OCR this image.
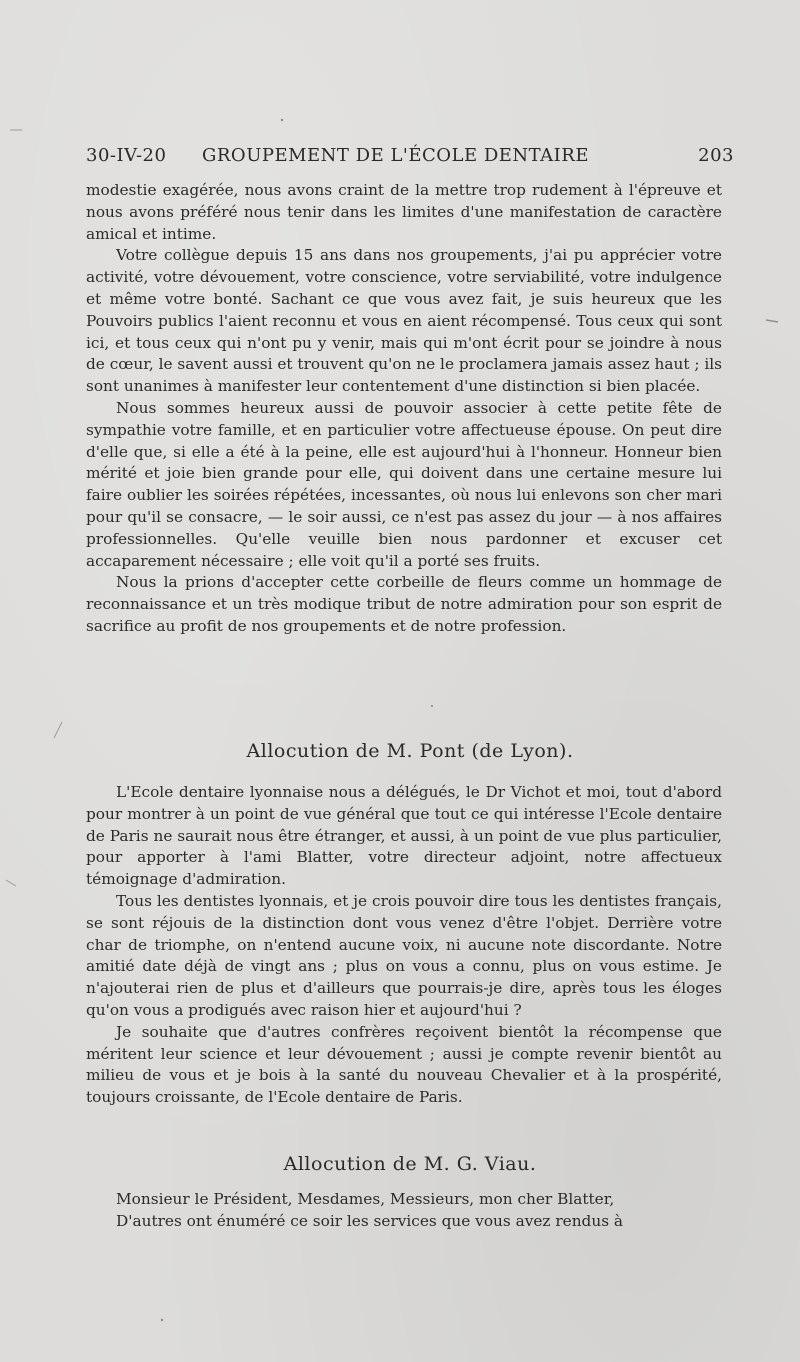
30-IV-20 GROUPEMENT DE L'ÉCOLE DENTAIRE	203

modestie exagérée, nous avons craint de la mettre trop rudement à l'épreuve et nous avons préféré nous tenir dans les limites d'une manifestation de caractère amical et intime.

Votre collègue depuis 15 ans dans nos groupements, j'ai pu apprécier votre activité, votre dévouement, votre conscience, votre serviabilité, votre indulgence et même votre bonté. Sachant ce que vous avez fait, je suis heureux que les Pouvoirs publics l'aient reconnu et vous en aient récompensé. Tous ceux qui sont ici, et tous ceux qui n'ont pu y venir, mais qui m'ont écrit pour se joindre à nous de cœur, le savent aussi et trouvent qu'on ne le proclamera jamais assez haut ; ils sont unanimes à manifester leur contentement d'une distinction si bien placée.

Nous sommes heureux aussi de pouvoir associer à cette petite fête de sympathie votre famille, et en particulier votre affectueuse épouse. On peut dire d'elle que, si elle a été à la peine, elle est aujourd'hui à l'honneur. Honneur bien mérité et joie bien grande pour elle, qui doivent dans une certaine mesure lui faire oublier les soirées répétées, incessantes, où nous lui enlevons son cher mari pour qu'il se consacre, — le soir aussi, ce n'est pas assez du jour — à nos affaires professionnelles. Qu'elle veuille bien nous pardonner et excuser cet accaparement nécessaire ; elle voit qu'il a porté ses fruits.

Nous la prions d'accepter cette corbeille de fleurs comme un hommage de reconnaissance et un très modique tribut de notre admiration pour son esprit de sacrifice au profit de nos groupements et de notre profession.

Allocution de M. Pont (de Lyon).

L'Ecole dentaire lyonnaise nous a délégués, le Dr Vichot et moi, tout d'abord pour montrer à un point de vue général que tout ce qui intéresse l'Ecole dentaire de Paris ne saurait nous être étranger, et aussi, à un point de vue plus particulier, pour apporter à l'ami Blatter, votre directeur adjoint, notre affectueux témoignage d'admiration.

Tous les dentistes lyonnais, et je crois pouvoir dire tous les dentistes français, se sont réjouis de la distinction dont vous venez d'être l'objet. Derrière votre char de triomphe, on n'entend aucune voix, ni aucune note discordante. Notre amitié date déjà de vingt ans ; plus on vous a connu, plus on vous estime. Je n'ajouterai rien de plus et d'ailleurs que pourrais-je dire, après tous les éloges qu'on vous a prodigués avec raison hier et aujourd'hui ?

Je souhaite que d'autres confrères reçoivent bientôt la récompense que méritent leur science et leur dévouement ; aussi je compte revenir bientôt au milieu de vous et je bois à la santé du nouveau Chevalier et à la prospérité, toujours croissante, de l'Ecole dentaire de Paris.

Allocution de M. G. Viau.

Monsieur le Président, Mesdames, Messieurs, mon cher Blatter,

D'autres ont énuméré ce soir les services que vous avez rendus à
